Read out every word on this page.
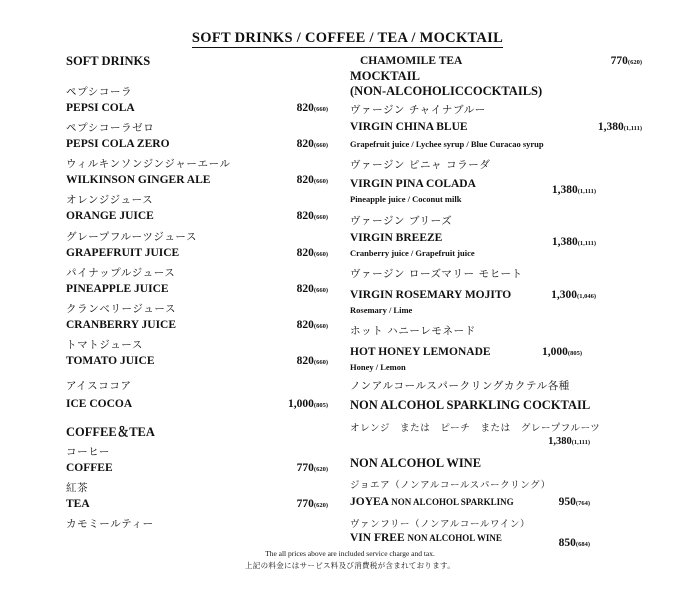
SOFT DRINKS / COFFEE / TEA / MOCKTAIL
SOFT DRINKS
ペプシコーラ
PEPSI COLA	820(660)
ペプシコーラゼロ
PEPSI COLA ZERO	820(660)
ウィルキンソンジンジャーエール
WILKINSON GINGER ALE	820(660)
オレンジジュース
ORANGE JUICE	820(660)
グレープフルーツジュース
GRAPEFRUIT JUICE	820(660)
パイナップルジュース
PINEAPPLE JUICE	820(660)
クランベリージュース
CRANBERRY JUICE	820(660)
トマトジュース
TOMATO JUICE	820(660)
アイスココア
ICE COCOA	1,000(805)
COFFEE＆TEA
コーヒー
COFFEE	770(620)
紅茶
TEA	770(620)
カモミールティー
CHAMOMILE TEA	770(620)
MOCKTAIL
(NON-ALCOHOLICCOCKTAILS)
ヴァージン チャイナブルー
VIRGIN CHINA BLUE	1,380(1,111)
Grapefruit juice / Lychee syrup / Blue Curacao syrup
ヴァージン ピニャ コラーダ
VIRGIN PINA COLADA	1,380(1,111)
Pineapple juice / Coconut milk
ヴァージン ブリーズ
VIRGIN BREEZE	1,380(1,111)
Cranberry juice / Grapefruit juice
ヴァージン ローズマリー モヒート
VIRGIN ROSEMARY MOJITO	1,300(1,046)
Rosemary / Lime
ホット ハニーレモネード
HOT HONEY LEMONADE	1,000(805)
Honey / Lemon
ノンアルコールスパークリングカクテル各種
NON ALCOHOL SPARKLING COCKTAIL
オレンジ　または　ピーチ　または　グレープフルーツ
1,380(1,111)
NON ALCOHOL WINE
ジョエア（ノンアルコールスパークリング）
JOYEA NON ALCOHOL SPARKLING	950(764)
ヴァンフリー（ノンアルコールワイン）
VIN FREE NON ALCOHOL WINE	850(684)
The all prices above are included service charge and tax.
上記の料金にはサービス料及び消費税が含まれております。
